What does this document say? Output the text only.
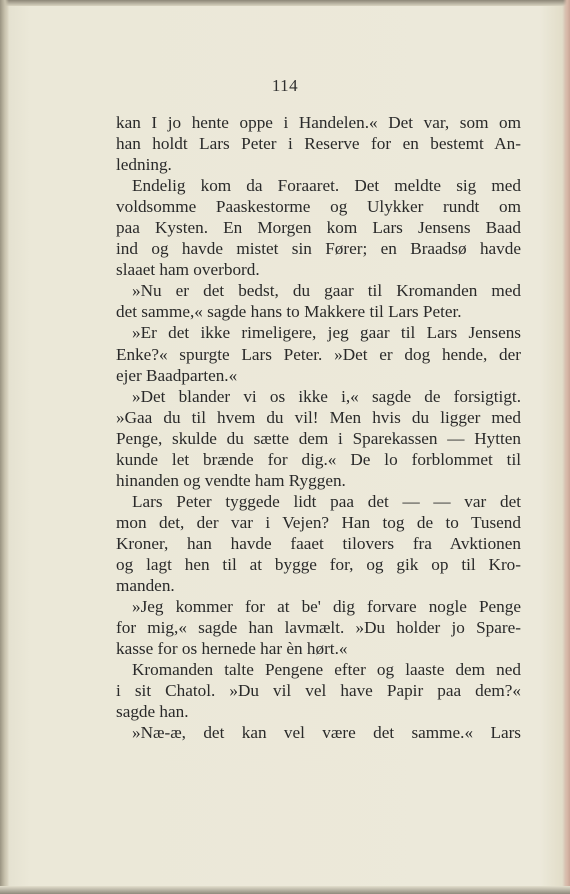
114
kan I jo hente oppe i Handelen.« Det var, som om
han holdt Lars Peter i Reserve for en bestemt An-
ledning.
Endelig kom da Foraaret. Det meldte sig med
voldsomme Paaskestorme og Ulykker rundt om
paa Kysten. En Morgen kom Lars Jensens Baad
ind og havde mistet sin Fører; en Braadsø havde
slaaet ham overbord.
»Nu er det bedst, du gaar til Kromanden med
det samme,« sagde hans to Makkere til Lars Peter.
»Er det ikke rimeligere, jeg gaar til Lars Jensens
Enke?« spurgte Lars Peter. »Det er dog hende, der
ejer Baadparten.«
»Det blander vi os ikke i,« sagde de forsigtigt.
»Gaa du til hvem du vil! Men hvis du ligger med
Penge, skulde du sætte dem i Sparekassen — Hytten
kunde let brænde for dig.« De lo forblommet til
hinanden og vendte ham Ryggen.
Lars Peter tyggede lidt paa det — — var det
mon det, der var i Vejen? Han tog de to Tusend
Kroner, han havde faaet tilovers fra Avktionen
og lagt hen til at bygge for, og gik op til Kro-
manden.
»Jeg kommer for at be' dig forvare nogle Penge
for mig,« sagde han lavmælt. »Du holder jo Spare-
kasse for os hernede har èn hørt.«
Kromanden talte Pengene efter og laaste dem ned
i sit Chatol. »Du vil vel have Papir paa dem?«
sagde han.
»Næ-æ, det kan vel være det samme.« Lars
